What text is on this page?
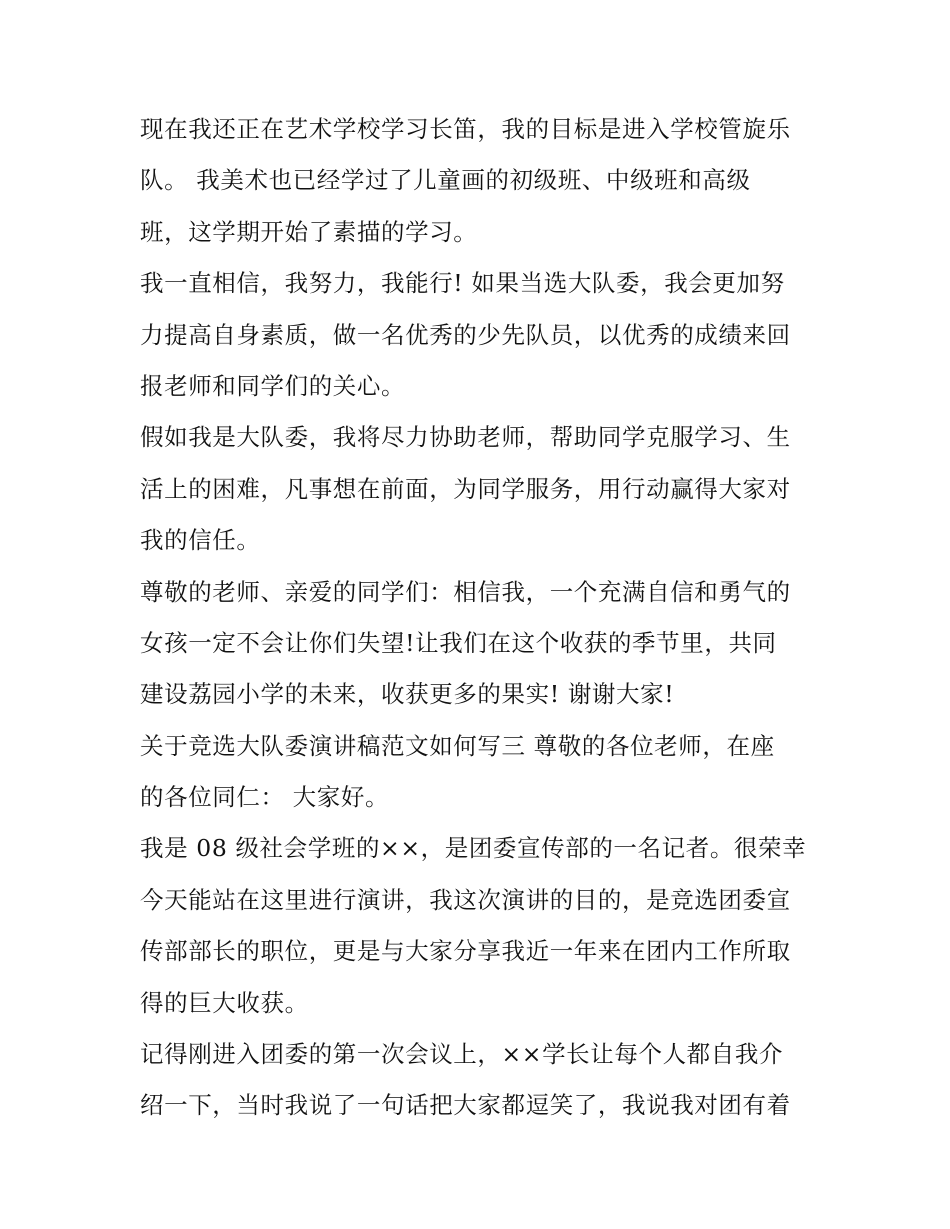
现在我还正在艺术学校学习长笛，我的目标是进入学校管旋乐
队。 我美术也已经学过了儿童画的初级班、中级班和高级
班，这学期开始了素描的学习。
我一直相信，我努力，我能行! 如果当选大队委，我会更加努
力提高自身素质，做一名优秀的少先队员，以优秀的成绩来回
报老师和同学们的关心。
假如我是大队委，我将尽力协助老师，帮助同学克服学习、生
活上的困难，凡事想在前面，为同学服务，用行动赢得大家对
我的信任。
尊敬的老师、亲爱的同学们：相信我，一个充满自信和勇气的
女孩一定不会让你们失望!让我们在这个收获的季节里，共同
建设荔园小学的未来，收获更多的果实! 谢谢大家!
关于竞选大队委演讲稿范文如何写三 尊敬的各位老师，在座
的各位同仁： 大家好。
我是 08 级社会学班的××，是团委宣传部的一名记者。很荣幸
今天能站在这里进行演讲，我这次演讲的目的，是竞选团委宣
传部部长的职位，更是与大家分享我近一年来在团内工作所取
得的巨大收获。
记得刚进入团委的第一次会议上，××学长让每个人都自我介
绍一下，当时我说了一句话把大家都逗笑了，我说我对团有着
